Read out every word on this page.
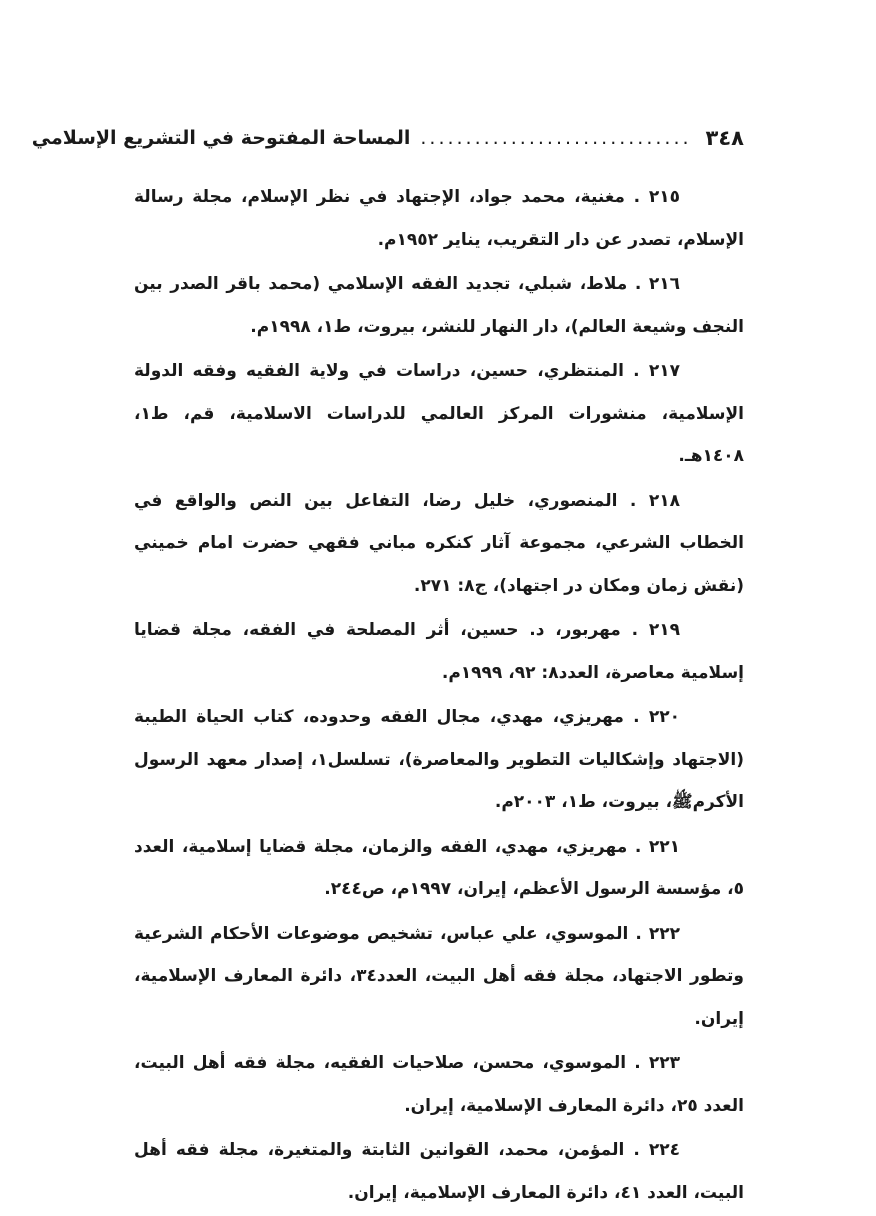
٣٤٨
..............................
المساحة المفتوحة في التشريع الإسلامي

٢١٥ . مغنية، محمد جواد، الإجتهاد في نظر الإسلام، مجلة رسالة الإسلام، تصدر عن دار التقريب، يناير ١٩٥٢م.

٢١٦ . ملاط، شبلي، تجديد الفقه الإسلامي (محمد باقر الصدر بين النجف وشيعة العالم)، دار النهار للنشر، بيروت، ط١، ١٩٩٨م.

٢١٧ . المنتظري، حسين، دراسات في ولاية الفقيه وفقه الدولة الإسلامية، منشورات المركز العالمي للدراسات الاسلامية، قم، ط١، ١٤٠٨هـ.

٢١٨ . المنصوري، خليل رضا، التفاعل بين النص والواقع في الخطاب الشرعي، مجموعة آثار كنكره مباني فقهي حضرت امام خميني (نقش زمان ومكان در اجتهاد)، ج٨: ٢٧١.

٢١٩ . مهربور، د. حسين، أثر المصلحة في الفقه، مجلة قضايا إسلامية معاصرة، العدد٨: ٩٢، ١٩٩٩م.

٢٢٠ . مهريزي، مهدي، مجال الفقه وحدوده، كتاب الحياة الطيبة (الاجتهاد وإشكاليات التطوير والمعاصرة)، تسلسل١، إصدار معهد الرسول الأكرمﷺ، بيروت، ط١، ٢٠٠٣م.

٢٢١ . مهريزي، مهدي، الفقه والزمان، مجلة قضايا إسلامية، العدد ٥، مؤسسة الرسول الأعظم، إيران، ١٩٩٧م، ص٢٤٤.

٢٢٢ . الموسوي، علي عباس، تشخيص موضوعات الأحكام الشرعية وتطور الاجتهاد، مجلة فقه أهل البيت، العدد٣٤، دائرة المعارف الإسلامية، إيران.

٢٢٣ . الموسوي، محسن، صلاحيات الفقيه، مجلة فقه أهل البيت، العدد ٢٥، دائرة المعارف الإسلامية، إيران.

٢٢٤ . المؤمن، محمد، القوانين الثابتة والمتغيرة، مجلة فقه أهل البيت، العدد ٤١، دائرة المعارف الإسلامية، إيران.
